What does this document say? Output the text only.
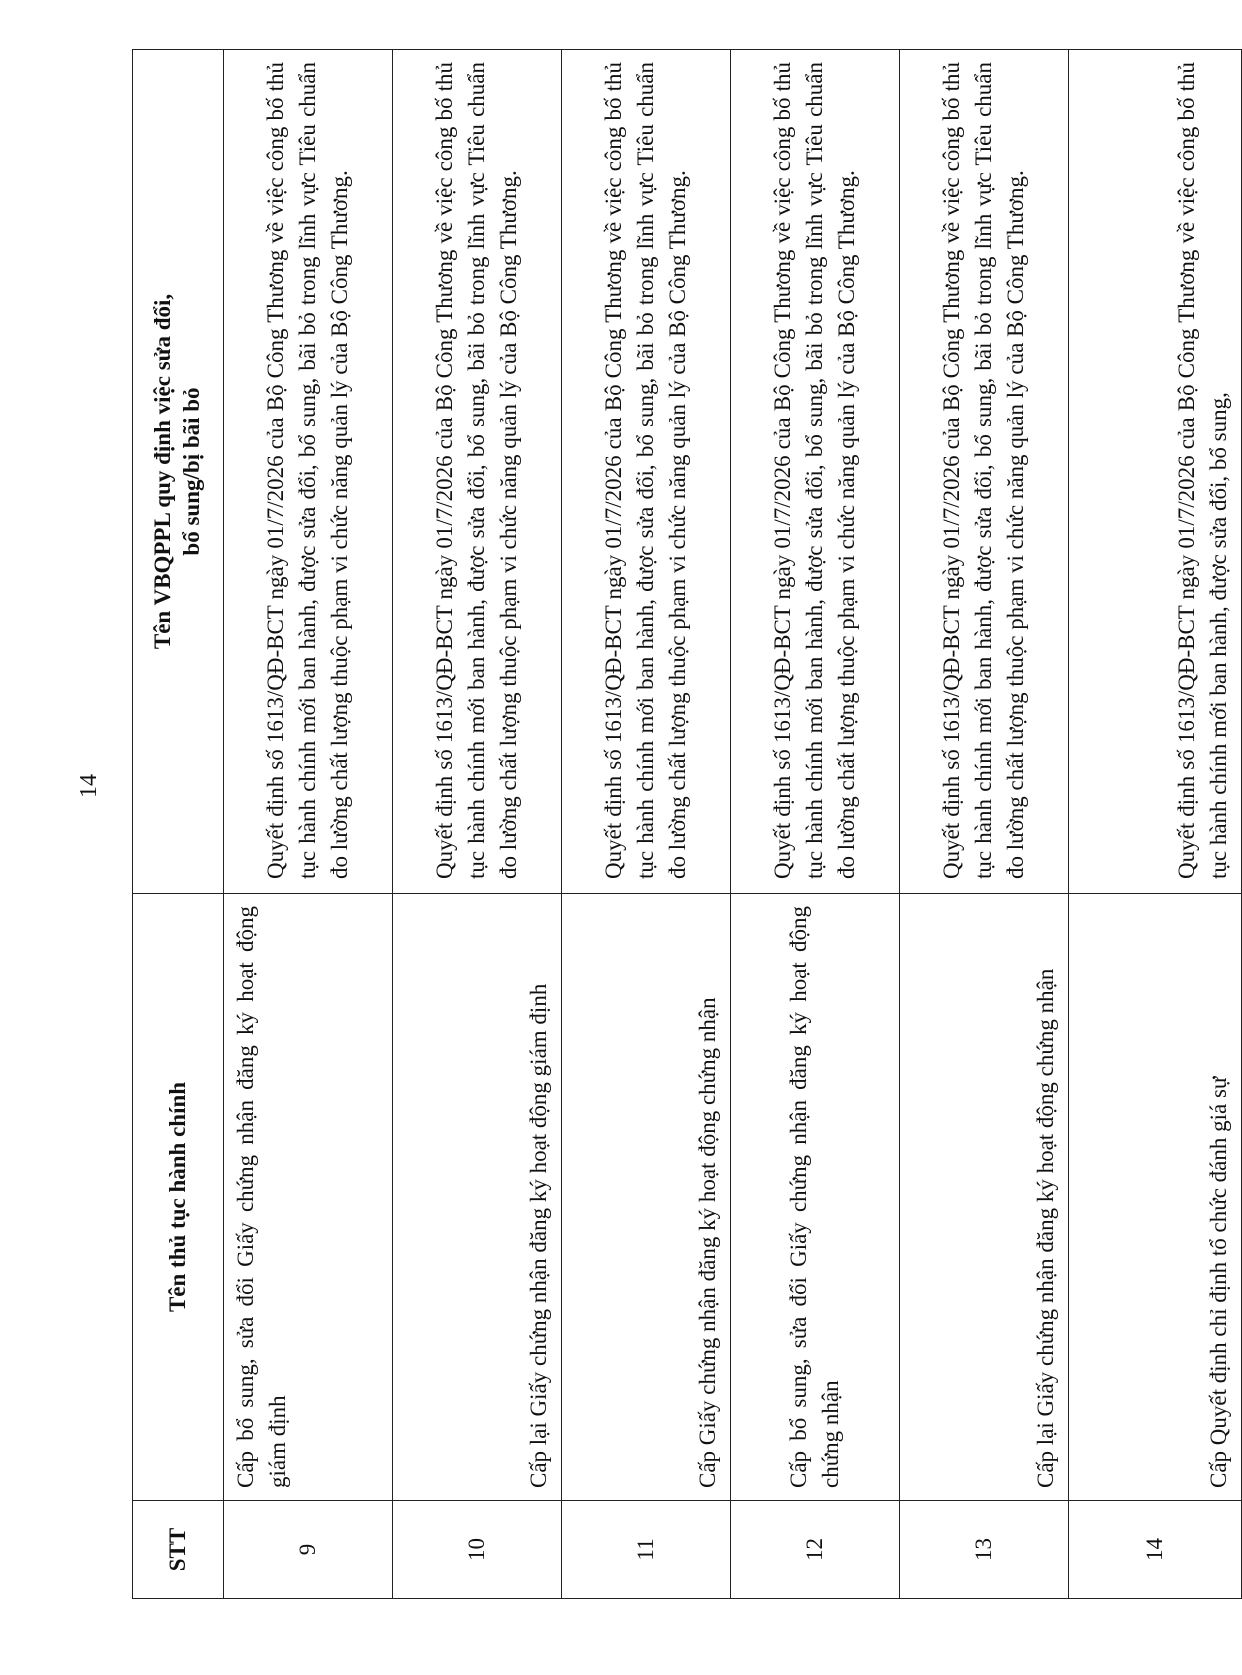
14
STT	Tên thủ tục hành chính	Tên VBQPPL quy định việc sửa đổi, bổ sung/bị bãi bỏ
9	Cấp bổ sung, sửa đổi Giấy chứng nhận đăng ký hoạt động giám định	Quyết định số 1613/QĐ-BCT ngày 01/7/2026 của Bộ Công Thương về việc công bố thủ tục hành chính mới ban hành, được sửa đổi, bổ sung, bãi bỏ trong lĩnh vực Tiêu chuẩn đo lường chất lượng thuộc phạm vi chức năng quản lý của Bộ Công Thương.
10	Cấp lại Giấy chứng nhận đăng ký hoạt động giám định	Quyết định số 1613/QĐ-BCT ngày 01/7/2026 của Bộ Công Thương về việc công bố thủ tục hành chính mới ban hành, được sửa đổi, bổ sung, bãi bỏ trong lĩnh vực Tiêu chuẩn đo lường chất lượng thuộc phạm vi chức năng quản lý của Bộ Công Thương.
11	Cấp Giấy chứng nhận đăng ký hoạt động chứng nhận	Quyết định số 1613/QĐ-BCT ngày 01/7/2026 của Bộ Công Thương về việc công bố thủ tục hành chính mới ban hành, được sửa đổi, bổ sung, bãi bỏ trong lĩnh vực Tiêu chuẩn đo lường chất lượng thuộc phạm vi chức năng quản lý của Bộ Công Thương.
12	Cấp bổ sung, sửa đổi Giấy chứng nhận đăng ký hoạt động chứng nhận	Quyết định số 1613/QĐ-BCT ngày 01/7/2026 của Bộ Công Thương về việc công bố thủ tục hành chính mới ban hành, được sửa đổi, bổ sung, bãi bỏ trong lĩnh vực Tiêu chuẩn đo lường chất lượng thuộc phạm vi chức năng quản lý của Bộ Công Thương.
13	Cấp lại Giấy chứng nhận đăng ký hoạt động chứng nhận	Quyết định số 1613/QĐ-BCT ngày 01/7/2026 của Bộ Công Thương về việc công bố thủ tục hành chính mới ban hành, được sửa đổi, bổ sung, bãi bỏ trong lĩnh vực Tiêu chuẩn đo lường chất lượng thuộc phạm vi chức năng quản lý của Bộ Công Thương.
14	Cấp Quyết định chỉ định tổ chức đánh giá sự	Quyết định số 1613/QĐ-BCT ngày 01/7/2026 của Bộ Công Thương về việc công bố thủ tục hành chính mới ban hành, được sửa đổi, bổ sung,
